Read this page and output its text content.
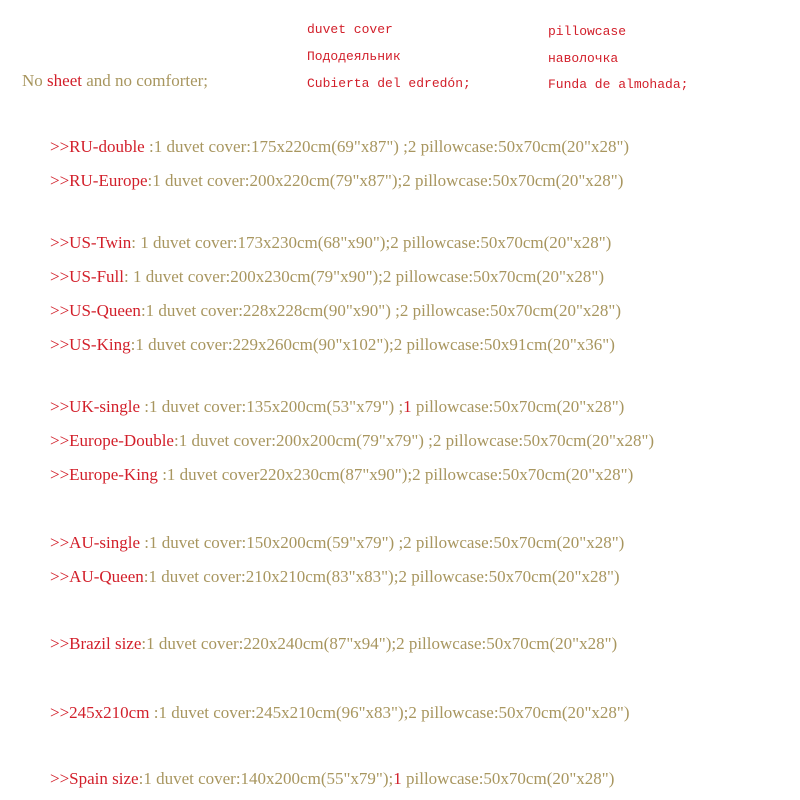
duvet cover
Пододеяльник
Cubierta del edredón;
pillowcase
наволочка
Funda de almohada;
No sheet and no comforter;
>>RU-double :1 duvet cover:175x220cm(69"x87") ;2 pillowcase:50x70cm(20"x28")
>>RU-Europe:1 duvet cover:200x220cm(79"x87");2 pillowcase:50x70cm(20"x28")
>>US-Twin: 1 duvet cover:173x230cm(68"x90");2 pillowcase:50x70cm(20"x28")
>>US-Full: 1 duvet cover:200x230cm(79"x90");2 pillowcase:50x70cm(20"x28")
>>US-Queen:1 duvet cover:228x228cm(90"x90") ;2 pillowcase:50x70cm(20"x28")
>>US-King:1 duvet cover:229x260cm(90"x102");2 pillowcase:50x91cm(20"x36")
>>UK-single :1 duvet cover:135x200cm(53"x79") ;1 pillowcase:50x70cm(20"x28")
>>Europe-Double:1 duvet cover:200x200cm(79"x79") ;2 pillowcase:50x70cm(20"x28")
>>Europe-King :1 duvet cover220x230cm(87"x90");2 pillowcase:50x70cm(20"x28")
>>AU-single :1 duvet cover:150x200cm(59"x79") ;2 pillowcase:50x70cm(20"x28")
>>AU-Queen:1 duvet cover:210x210cm(83"x83");2 pillowcase:50x70cm(20"x28")
>>Brazil size:1 duvet cover:220x240cm(87"x94");2 pillowcase:50x70cm(20"x28")
>>245x210cm :1 duvet cover:245x210cm(96"x83");2 pillowcase:50x70cm(20"x28")
>>Spain size:1 duvet cover:140x200cm(55"x79");1 pillowcase:50x70cm(20"x28")
